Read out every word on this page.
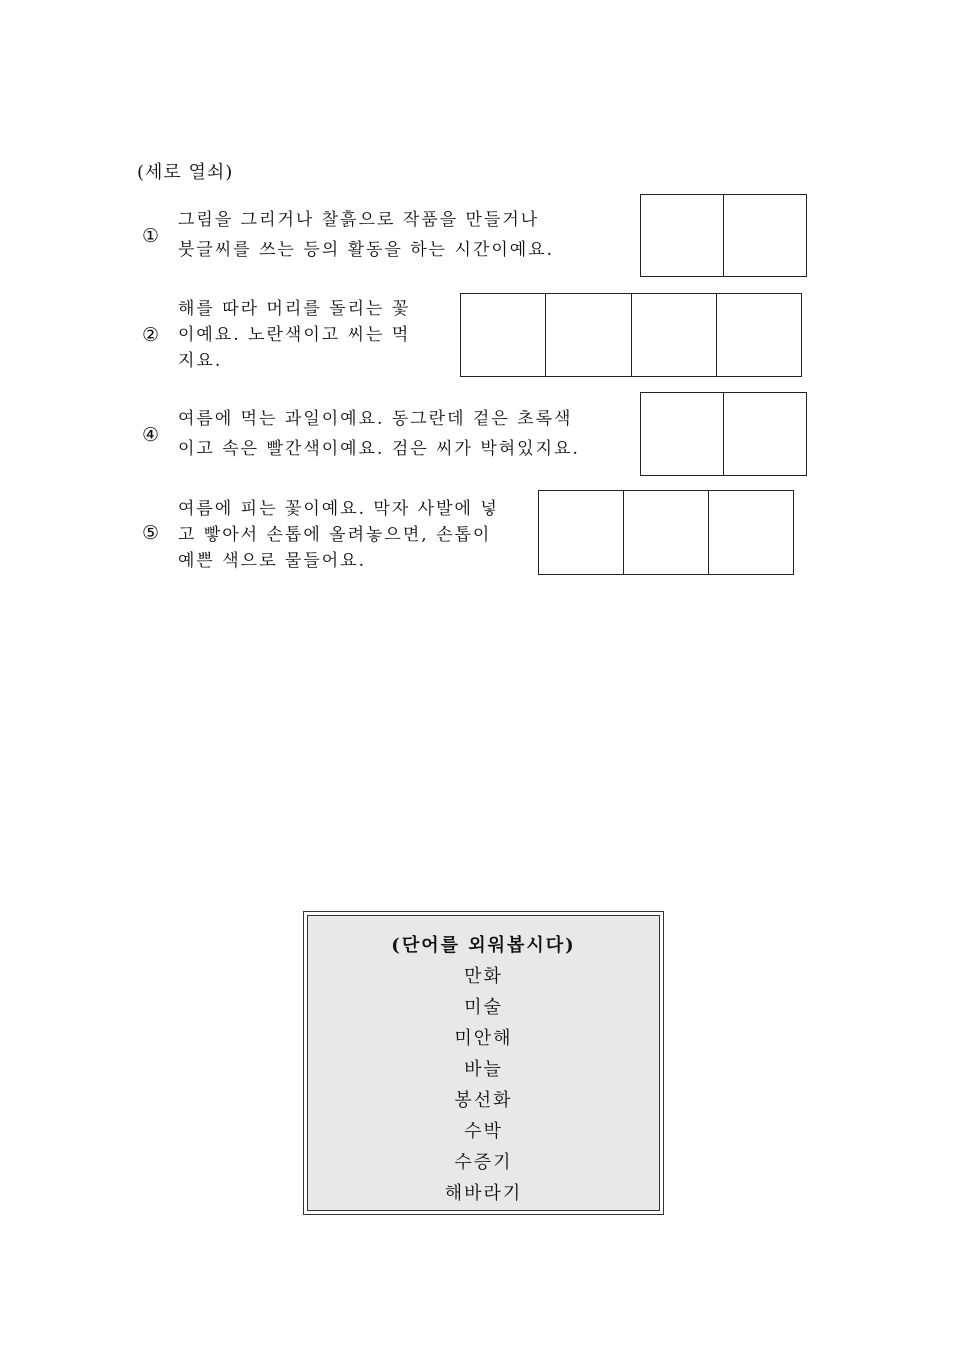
(세로 열쇠)
①
그림을 그리거나 찰흙으로 작품을 만들거나
붓글씨를 쓰는 등의 활동을 하는 시간이예요.
②
해를 따라 머리를 돌리는 꽃
이예요. 노란색이고 씨는 먹
지요.
④
여름에 먹는 과일이예요. 동그란데 겉은 초록색
이고 속은 빨간색이예요. 검은 씨가 박혀있지요.
⑤
여름에 피는 꽃이예요. 막자 사발에 넣
고 빻아서 손톱에 올려놓으면, 손톱이
예쁜 색으로 물들어요.
(단어를 외워봅시다)
만화
미술
미안해
바늘
봉선화
수박
수증기
해바라기
